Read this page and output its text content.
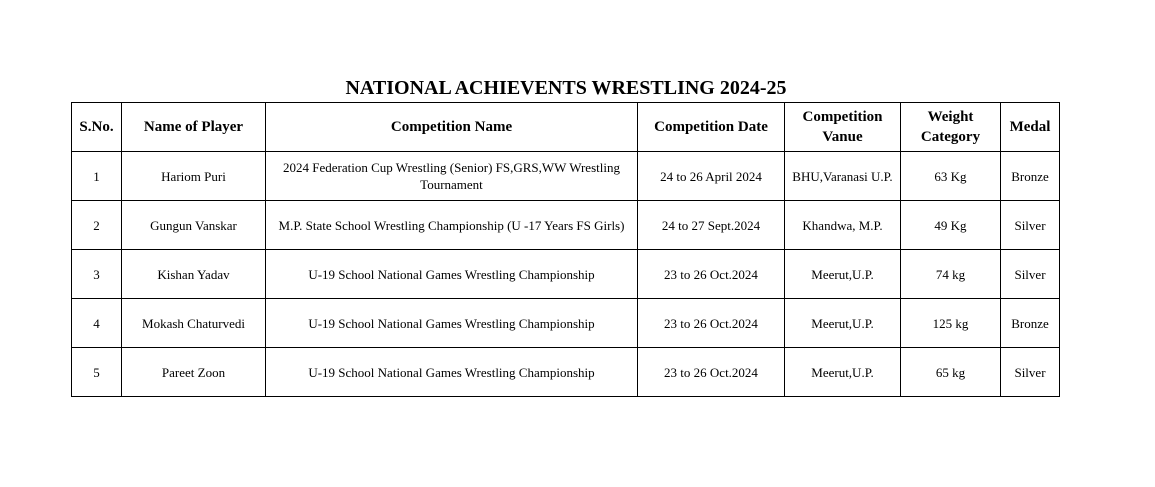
NATIONAL ACHIEVENTS WRESTLING 2024-25
S.No.	Name of Player	Competition Name	Competition Date	Competition Vanue	Weight Category	Medal
1	Hariom Puri	2024 Federation Cup Wrestling (Senior) FS,GRS,WW Wrestling Tournament	24 to 26 April 2024	BHU,Varanasi U.P.	63 Kg	Bronze
2	Gungun Vanskar	M.P. State School Wrestling Championship (U -17 Years FS Girls)	24 to 27 Sept.2024	Khandwa, M.P.	49 Kg	Silver
3	Kishan Yadav	U-19 School National Games Wrestling Championship	23 to 26 Oct.2024	Meerut,U.P.	74 kg	Silver
4	Mokash Chaturvedi	U-19 School National Games Wrestling Championship	23 to 26 Oct.2024	Meerut,U.P.	125 kg	Bronze
5	Pareet Zoon	U-19 School National Games Wrestling Championship	23 to 26 Oct.2024	Meerut,U.P.	65 kg	Silver
